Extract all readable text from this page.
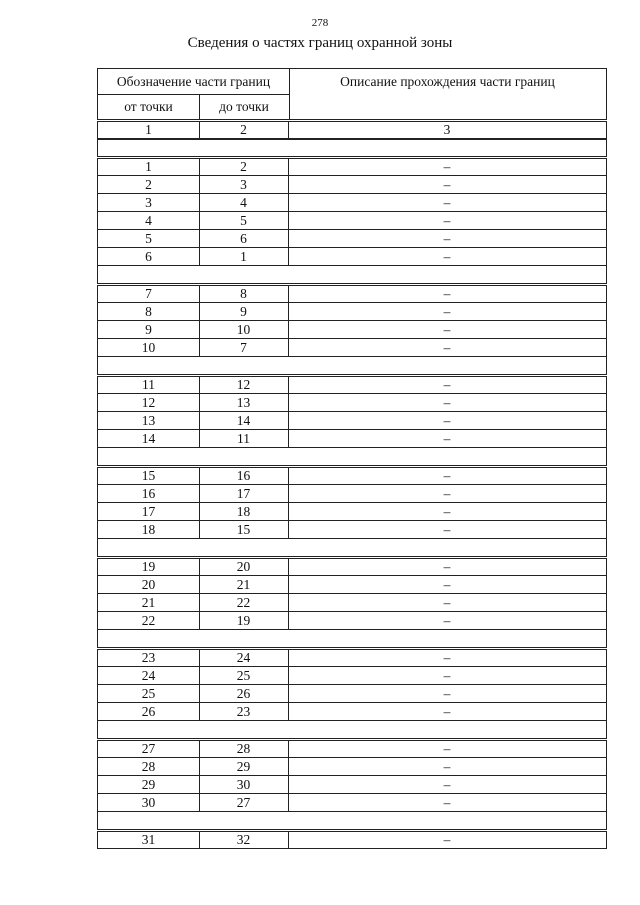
278
Сведения о частях границ охранной зоны
Обозначение части границ
от точки	до точки
Описание прохождения части границ
1	2	3
1	2	–
2	3	–
3	4	–
4	5	–
5	6	–
6	1	–
7	8	–
8	9	–
9	10	–
10	7	–
11	12	–
12	13	–
13	14	–
14	11	–
15	16	–
16	17	–
17	18	–
18	15	–
19	20	–
20	21	–
21	22	–
22	19	–
23	24	–
24	25	–
25	26	–
26	23	–
27	28	–
28	29	–
29	30	–
30	27	–
31	32	–
